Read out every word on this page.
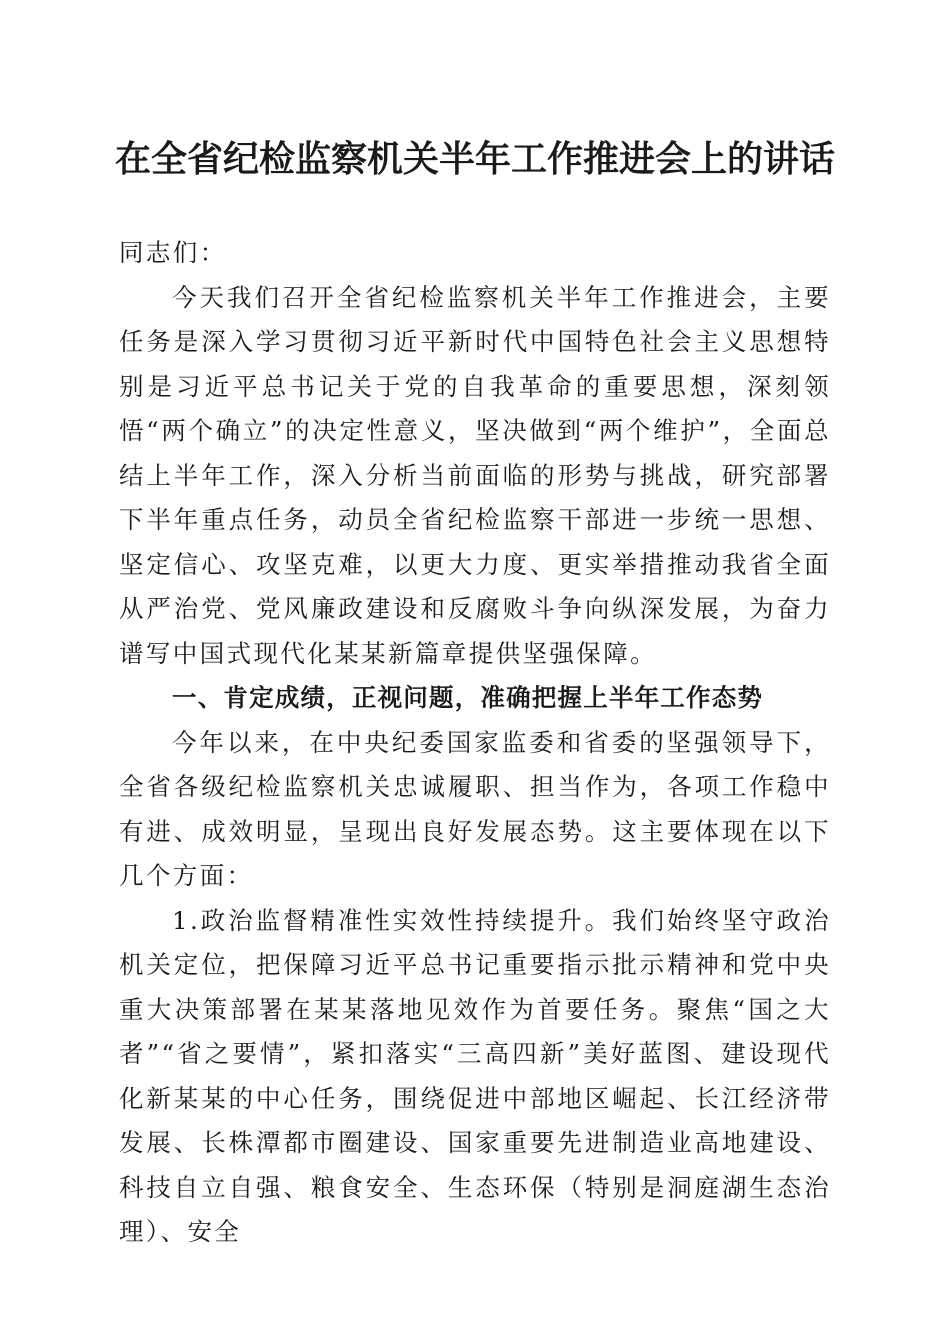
在全省纪检监察机关半年工作推进会上的讲话

同志们：

今天我们召开全省纪检监察机关半年工作推进会，主要任务是深入学习贯彻习近平新时代中国特色社会主义思想特别是习近平总书记关于党的自我革命的重要思想，深刻领悟“两个确立”的决定性意义，坚决做到“两个维护”，全面总结上半年工作，深入分析当前面临的形势与挑战，研究部署下半年重点任务，动员全省纪检监察干部进一步统一思想、坚定信心、攻坚克难，以更大力度、更实举措推动我省全面从严治党、党风廉政建设和反腐败斗争向纵深发展，为奋力谱写中国式现代化某某新篇章提供坚强保障。

一、肯定成绩，正视问题，准确把握上半年工作态势

今年以来，在中央纪委国家监委和省委的坚强领导下，全省各级纪检监察机关忠诚履职、担当作为，各项工作稳中有进、成效明显，呈现出良好发展态势。这主要体现在以下几个方面：

1.政治监督精准性实效性持续提升。我们始终坚守政治机关定位，把保障习近平总书记重要指示批示精神和党中央重大决策部署在某某落地见效作为首要任务。聚焦“国之大者”“省之要情”，紧扣落实“三高四新”美好蓝图、建设现代化新某某的中心任务，围绕促进中部地区崛起、长江经济带发展、长株潭都市圈建设、国家重要先进制造业高地建设、科技自立自强、粮食安全、生态环保（特别是洞庭湖生态治理）、安全
